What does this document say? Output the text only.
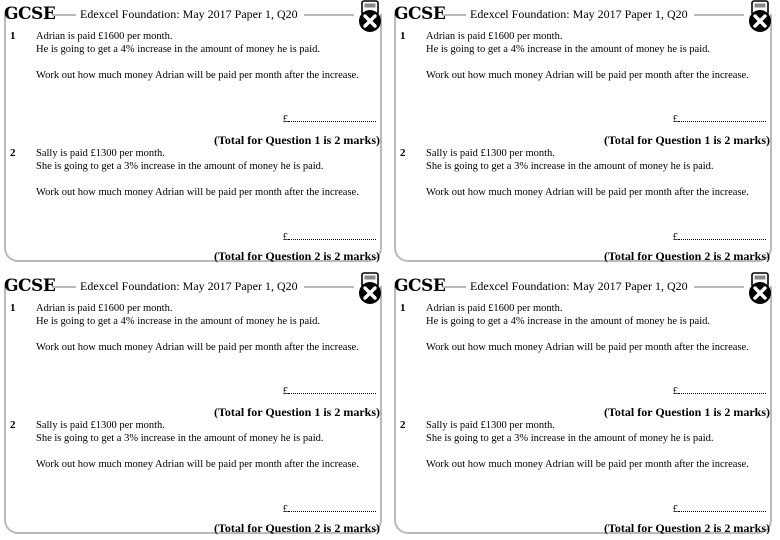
GCSE Edexcel Foundation: May 2017 Paper 1, Q20
1 Adrian is paid £1600 per month.
He is going to get a 4% increase in the amount of money he is paid.
Work out how much money Adrian will be paid per month after the increase.
£
(Total for Question 1 is 2 marks)
2 Sally is paid £1300 per month.
She is going to get a 3% increase in the amount of money he is paid.
Work out how much money Adrian will be paid per month after the increase.
£
(Total for Question 2 is 2 marks)
GCSE Edexcel Foundation: May 2017 Paper 1, Q20
1 Adrian is paid £1600 per month.
He is going to get a 4% increase in the amount of money he is paid.
Work out how much money Adrian will be paid per month after the increase.
£
(Total for Question 1 is 2 marks)
2 Sally is paid £1300 per month.
She is going to get a 3% increase in the amount of money he is paid.
Work out how much money Adrian will be paid per month after the increase.
£
(Total for Question 2 is 2 marks)
GCSE Edexcel Foundation: May 2017 Paper 1, Q20
1 Adrian is paid £1600 per month.
He is going to get a 4% increase in the amount of money he is paid.
Work out how much money Adrian will be paid per month after the increase.
£
(Total for Question 1 is 2 marks)
2 Sally is paid £1300 per month.
She is going to get a 3% increase in the amount of money he is paid.
Work out how much money Adrian will be paid per month after the increase.
£
(Total for Question 2 is 2 marks)
GCSE Edexcel Foundation: May 2017 Paper 1, Q20
1 Adrian is paid £1600 per month.
He is going to get a 4% increase in the amount of money he is paid.
Work out how much money Adrian will be paid per month after the increase.
£
(Total for Question 1 is 2 marks)
2 Sally is paid £1300 per month.
She is going to get a 3% increase in the amount of money he is paid.
Work out how much money Adrian will be paid per month after the increase.
£
(Total for Question 2 is 2 marks)
